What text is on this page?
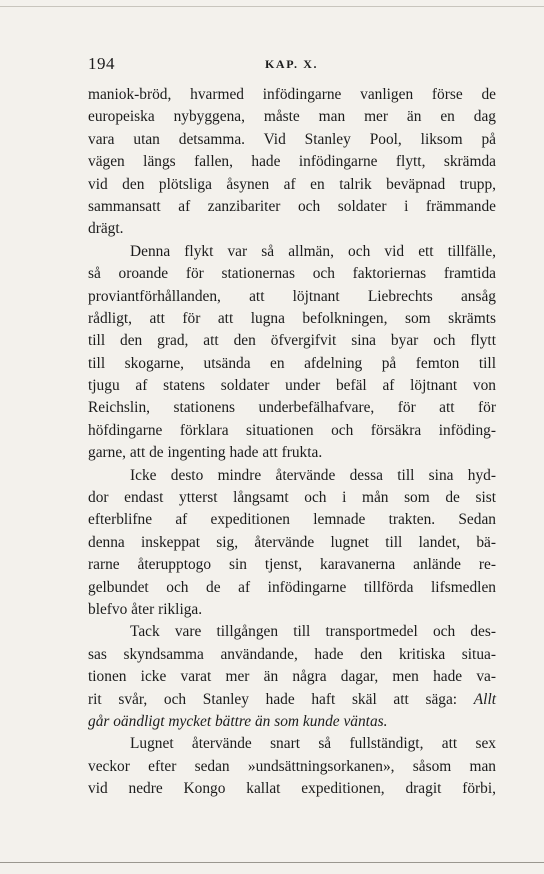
194	KAP. X.
maniok-bröd, hvarmed infödingarne vanligen förse de
europeiska nybyggena, måste man mer än en dag
vara utan detsamma. Vid Stanley Pool, liksom på
vägen längs fallen, hade infödingarne flytt, skrämda
vid den plötsliga åsynen af en talrik beväpnad trupp,
sammansatt af zanzibariter och soldater i främmande
drägt.
Denna flykt var så allmän, och vid ett tillfälle,
så oroande för stationernas och faktoriernas framtida
proviantförhållanden, att löjtnant Liebrechts ansåg
rådligt, att för att lugna befolkningen, som skrämts
till den grad, att den öfvergifvit sina byar och flytt
till skogarne, utsända en afdelning på femton till
tjugu af statens soldater under befäl af löjtnant von
Reichslin, stationens underbefälhafvare, för att för
höfdingarne förklara situationen och försäkra inföding-
garne, att de ingenting hade att frukta.
Icke desto mindre återvände dessa till sina hyd-
dor endast ytterst långsamt och i mån som de sist
efterblifne af expeditionen lemnade trakten. Sedan
denna inskeppat sig, återvände lugnet till landet, bä-
rarne återupptogo sin tjenst, karavanerna anlände re-
gelbundet och de af infödingarne tillförda lifsmedlen
blefvo åter rikliga.
Tack vare tillgången till transportmedel och des-
sas skyndsamma användande, hade den kritiska situa-
tionen icke varat mer än några dagar, men hade va-
rit svår, och Stanley hade haft skäl att säga: Allt
går oändligt mycket bättre än som kunde väntas.
Lugnet återvände snart så fullständigt, att sex
veckor efter sedan »undsättningsorkanen», såsom man
vid nedre Kongo kallat expeditionen, dragit förbi,
